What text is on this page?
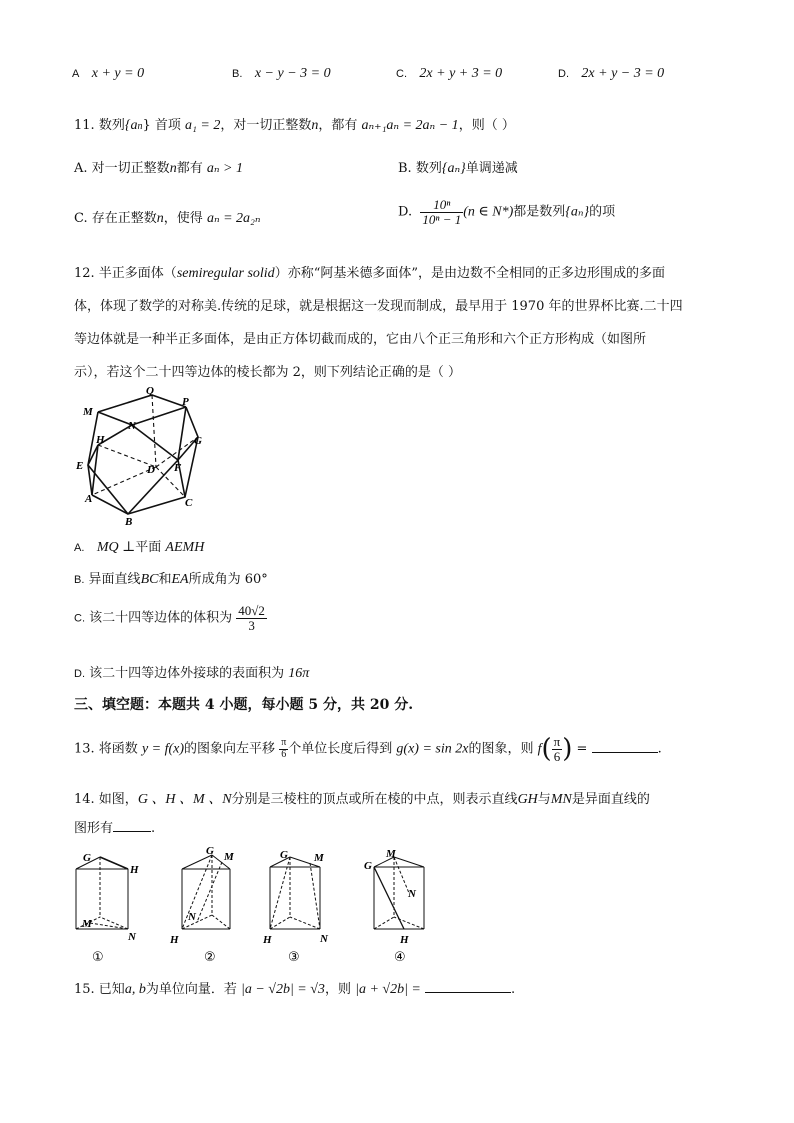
A x + y = 0	B. x − y − 3 = 0	C. 2x + y + 3 = 0	D. 2x + y − 3 = 0
11. 数列{an} 首项 a₁ = 2，对一切正整数n，都有 aₙ₊₁aₙ = 2aₙ − 1，则（ ）
A. 对一切正整数n都有 aₙ > 1	B. 数列{aₙ}单调递减
C. 存在正整数n，使得 aₙ = 2a₂ₙ	D. $\frac{\text{10ⁿ}}{\text{10ⁿ − 1}} (n$ ∈ N*)都是数列{aₙ}的项
12. 半正多面体（semiregular solid）亦称“阿基米德多面体”，是由边数不全相同的正多边形围成的多面
体，体现了数学的对称美.传统的足球，就是根据这一发现而制成，最早用于 1970 年的世界杯比赛.二十四
等边体就是一种半正多面体，是由正方体切截而成的，它由八个正三角形和六个正方形构成（如图所
示），若这个二十四等边体的棱长都为 2，则下列结论正确的是（ ）
Q
M
P
N
H	G
E	D F
A	C
B
A. MQ ⊥平面 AEMH
B. 异面直线BC和EA所成角为 60°
C. 该二十四等边体的体积为 $\frac{40√2}{3}$
D. 该二十四等边体外接球的表面积为 16π
三、填空题：本题共 4 小题，每小题 5 分，共 20 分.
13. 将函数 y = f(x)的图象向左平移 $\frac{\pi}{6}$ 个单位长度后得到 g(x) = sin 2x的图象，则 $f( \frac{\pi}{6}$ ) =	.
14. 如图，G 、H 、M 、N分别是三棱柱的顶点或所在棱的中点，则表示直线GH与MN是异面直线的
图形有	.
G
H
M
N
①
G
H
M
N
②
G
H
M
N
③
G
H
M
N
④
15. 已知a, b为单位向量．若 |a − √2b| = √3，则 |a + √2b| =	.
